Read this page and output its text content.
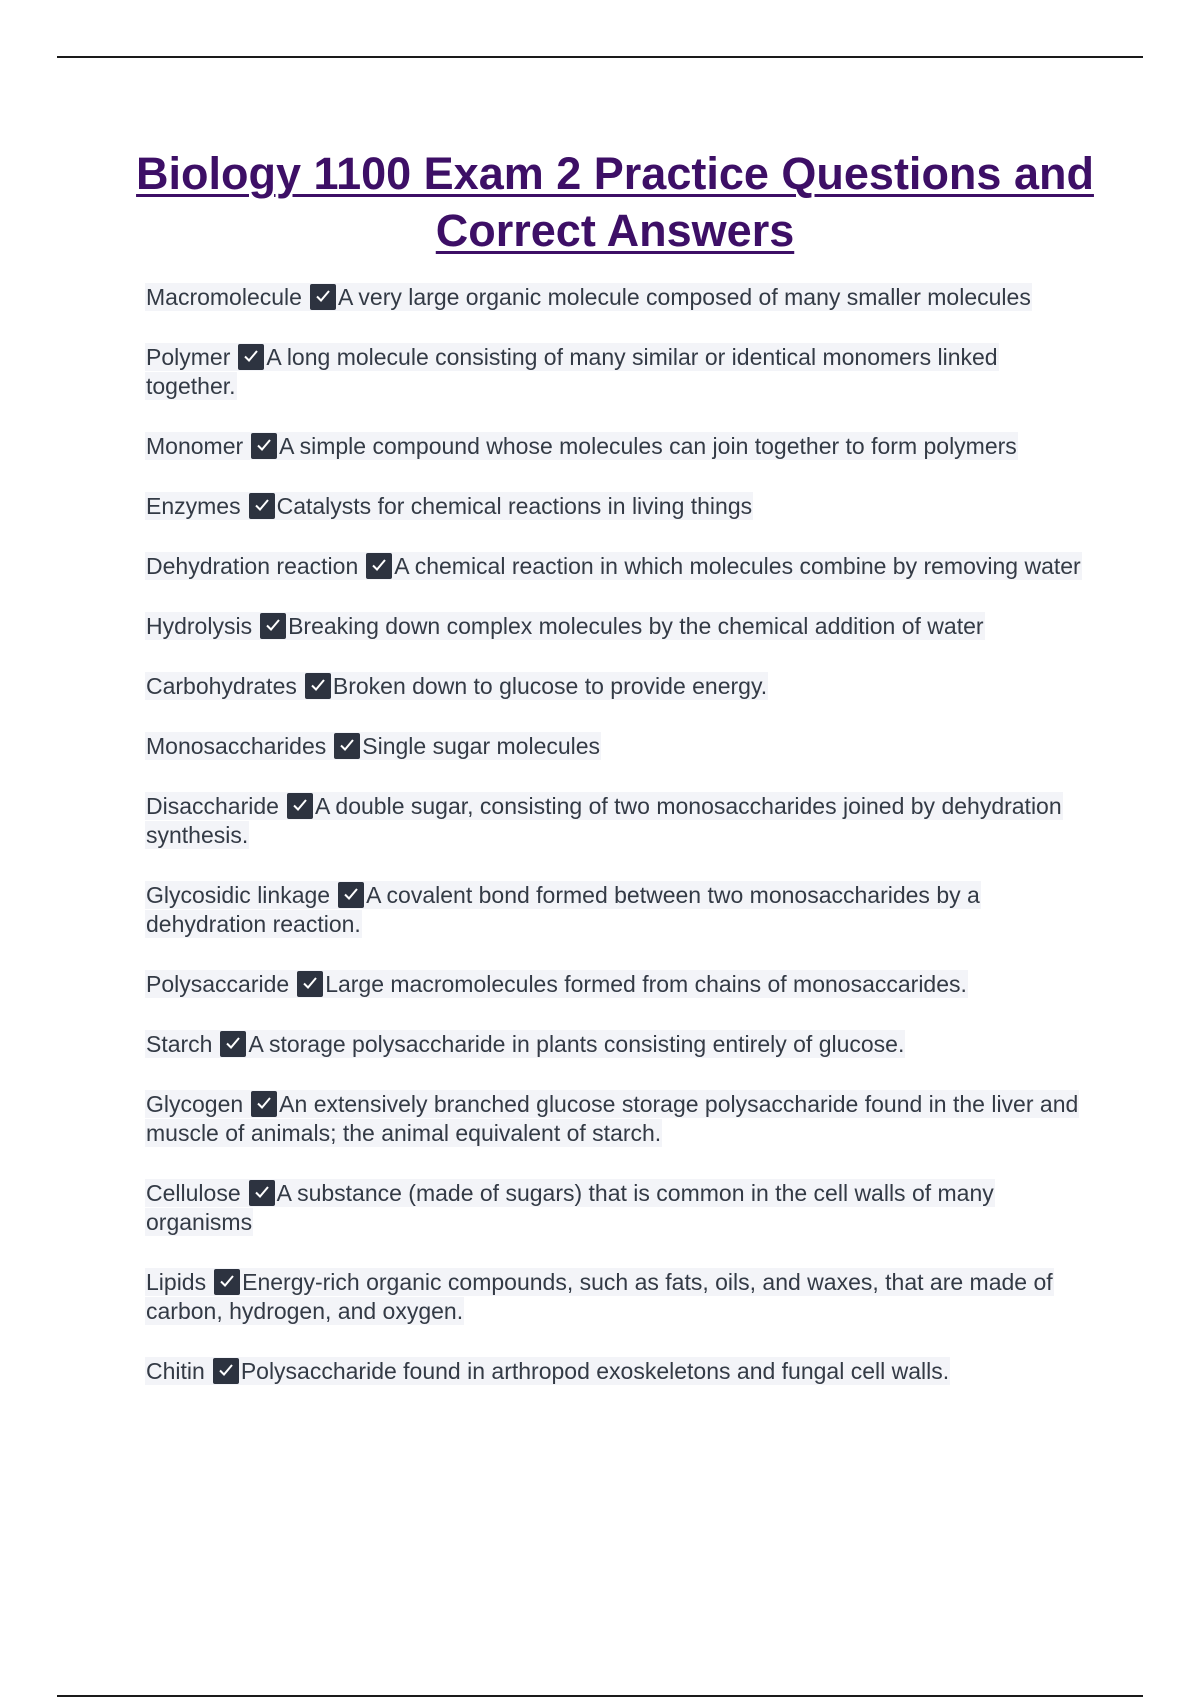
Biology 1100 Exam 2 Practice Questions and Correct Answers

Macromolecule A very large organic molecule composed of many smaller molecules

Polymer A long molecule consisting of many similar or identical monomers linked together.

Monomer A simple compound whose molecules can join together to form polymers

Enzymes Catalysts for chemical reactions in living things

Dehydration reaction A chemical reaction in which molecules combine by removing water

Hydrolysis Breaking down complex molecules by the chemical addition of water

Carbohydrates Broken down to glucose to provide energy.

Monosaccharides Single sugar molecules

Disaccharide A double sugar, consisting of two monosaccharides joined by dehydration synthesis.

Glycosidic linkage A covalent bond formed between two monosaccharides by a dehydration reaction.

Polysaccaride Large macromolecules formed from chains of monosaccarides.

Starch A storage polysaccharide in plants consisting entirely of glucose.

Glycogen An extensively branched glucose storage polysaccharide found in the liver and muscle of animals; the animal equivalent of starch.

Cellulose A substance (made of sugars) that is common in the cell walls of many organisms

Lipids Energy-rich organic compounds, such as fats, oils, and waxes, that are made of carbon, hydrogen, and oxygen.

Chitin Polysaccharide found in arthropod exoskeletons and fungal cell walls.
